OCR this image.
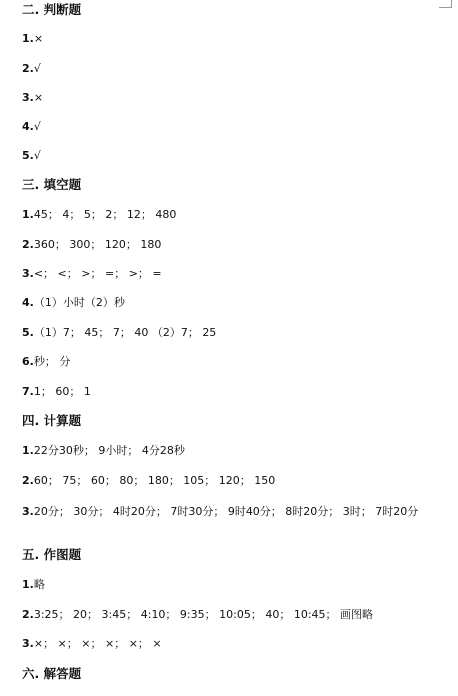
二. 判断题
1.×
2.√
3.×
4.√
5.√
三. 填空题
1.45； 4； 5； 2； 12； 480
2.360； 300； 120； 180
3.<； <； >； =； >； =
4.（1）小时（2）秒
5.（1）7； 45； 7； 40 （2）7； 25
6.秒； 分
7.1； 60； 1
四. 计算题
1.22分30秒； 9小时； 4分28秒
2.60； 75； 60； 80； 180； 105； 120； 150
3.20分； 30分； 4时20分； 7时30分； 9时40分； 8时20分； 3时； 7时20分
五. 作图题
1.略
2.3:25； 20； 3:45； 4:10； 9:35； 10:05； 40； 10:45； 画图略
3.×； ×； ×； ×； ×； ×
六. 解答题
